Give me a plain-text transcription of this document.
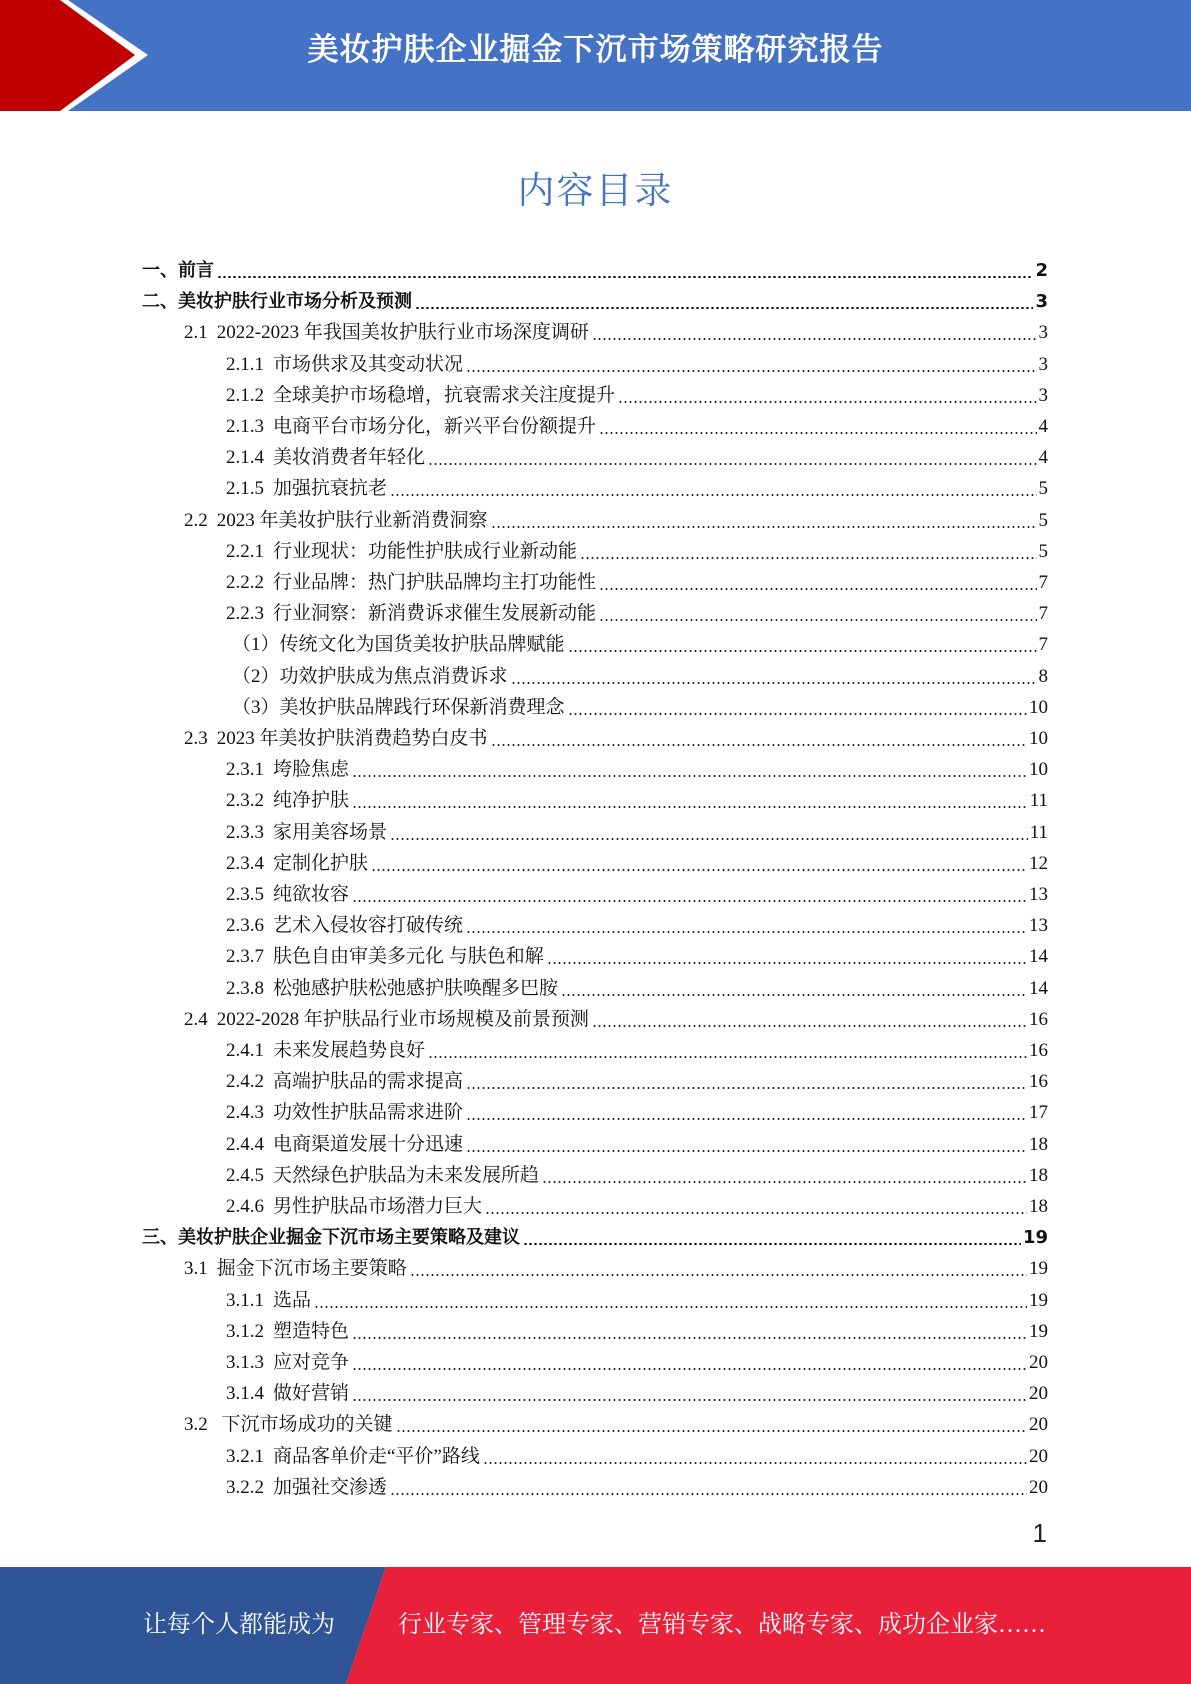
美妆护肤企业掘金下沉市场策略研究报告
内容目录
一、前言	2
二、美妆护肤行业市场分析及预测	3
2.1 2022-2023 年我国美妆护肤行业市场深度调研	3
2.1.1 市场供求及其变动状况	3
2.1.2 全球美护市场稳增，抗衰需求关注度提升	3
2.1.3 电商平台市场分化，新兴平台份额提升	4
2.1.4 美妆消费者年轻化	4
2.1.5 加强抗衰抗老	5
2.2 2023 年美妆护肤行业新消费洞察	5
2.2.1 行业现状：功能性护肤成行业新动能	5
2.2.2 行业品牌：热门护肤品牌均主打功能性	7
2.2.3 行业洞察：新消费诉求催生发展新动能	7
（1）传统文化为国货美妆护肤品牌赋能	7
（2）功效护肤成为焦点消费诉求	8
（3）美妆护肤品牌践行环保新消费理念	10
2.3 2023 年美妆护肤消费趋势白皮书	10
2.3.1 垮脸焦虑	10
2.3.2 纯净护肤	11
2.3.3 家用美容场景	11
2.3.4 定制化护肤	12
2.3.5 纯欲妆容	13
2.3.6 艺术入侵妆容打破传统	13
2.3.7 肤色自由审美多元化 与肤色和解	14
2.3.8 松弛感护肤松弛感护肤唤醒多巴胺	14
2.4 2022-2028 年护肤品行业市场规模及前景预测	16
2.4.1 未来发展趋势良好	16
2.4.2 高端护肤品的需求提高	16
2.4.3 功效性护肤品需求进阶	17
2.4.4 电商渠道发展十分迅速	18
2.4.5 天然绿色护肤品为未来发展所趋	18
2.4.6 男性护肤品市场潜力巨大	18
三、美妆护肤企业掘金下沉市场主要策略及建议	19
3.1 掘金下沉市场主要策略	19
3.1.1 选品	19
3.1.2 塑造特色	19
3.1.3 应对竞争	20
3.1.4 做好营销	20
3.2 下沉市场成功的关键	20
3.2.1 商品客单价走“平价”路线	20
3.2.2 加强社交渗透	20
1
让每个人都能成为	行业专家、管理专家、营销专家、战略专家、成功企业家……
